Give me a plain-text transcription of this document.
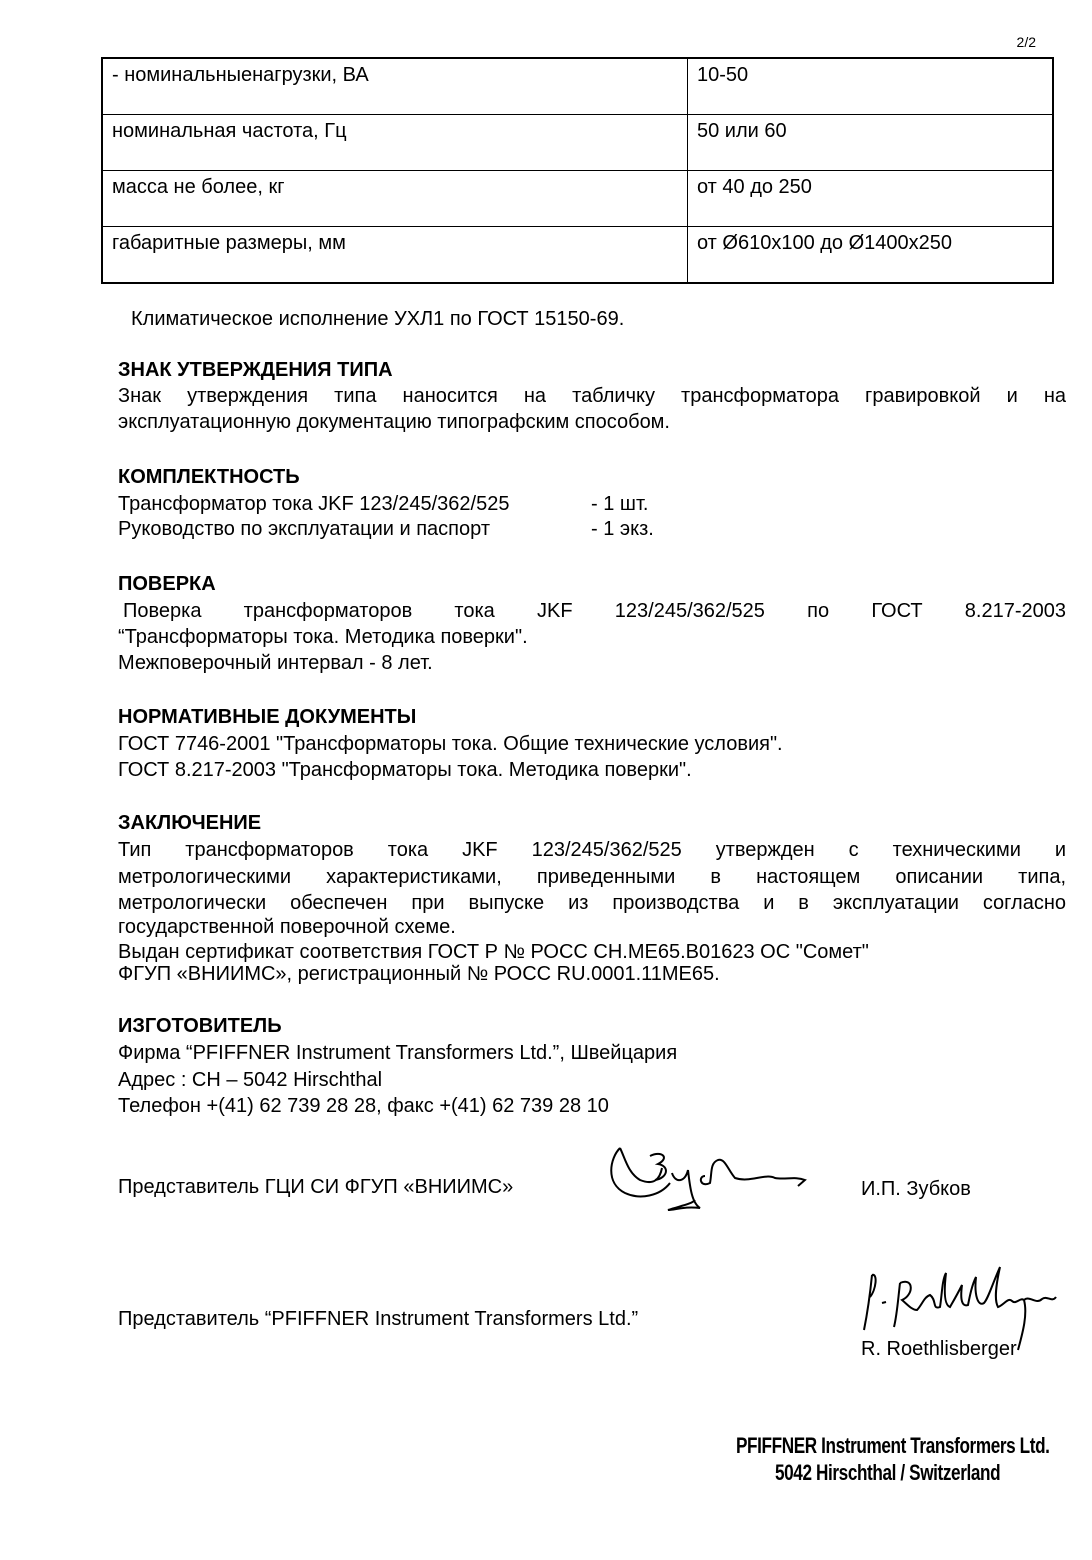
2/2
- номинальныенагрузки, ВА	10-50
номинальная частота, Гц	50 или 60
масса не более, кг	от 40 до 250
габаритные размеры, мм	от Ø610x100 до Ø1400x250
Климатическое исполнение УХЛ1 по ГОСТ 15150-69.
ЗНАК УТВЕРЖДЕНИЯ ТИПА
Знак утверждения типа наносится на табличку трансформатора гравировкой и на
эксплуатационную документацию типографским способом.
КОМПЛЕКТНОСТЬ
Трансформатор тока JKF 123/245/362/525	- 1 шт.
Руководство по эксплуатации и паспорт	- 1 экз.
ПОВЕРКА
Поверка трансформаторов тока JKF 123/245/362/525 по ГОСТ 8.217-2003
“Трансформаторы тока. Методика поверки".
Межповерочный интервал - 8 лет.
НОРМАТИВНЫЕ ДОКУМЕНТЫ
ГОСТ 7746-2001 "Трансформаторы тока. Общие технические условия".
ГОСТ 8.217-2003 "Трансформаторы тока. Методика поверки".
ЗАКЛЮЧЕНИЕ
Тип трансформаторов тока JKF 123/245/362/525 утвержден с техническими и
метрологическими характеристиками, приведенными в настоящем описании типа,
метрологически обеспечен при выпуске из производства и в эксплуатации согласно
государственной поверочной схеме.
Выдан сертификат соответствия ГОСТ Р № РОСС CH.ME65.B01623 ОС "Сомет"
ФГУП «ВНИИМС», регистрационный № РОСС RU.0001.11ME65.
ИЗГОТОВИТЕЛЬ
Фирма “PFIFFNER Instrument Transformers Ltd.”, Швейцария
Адрес : CH – 5042 Hirschthal
Телефон +(41) 62 739 28 28, факс +(41) 62 739 28 10
Представитель ГЦИ СИ ФГУП «ВНИИМС»	И.П. Зубков
Представитель “PFIFFNER Instrument Transformers Ltd.”
R. Roethlisberger
PFIFFNER Instrument Transformers Ltd.
5042 Hirschthal / Switzerland
